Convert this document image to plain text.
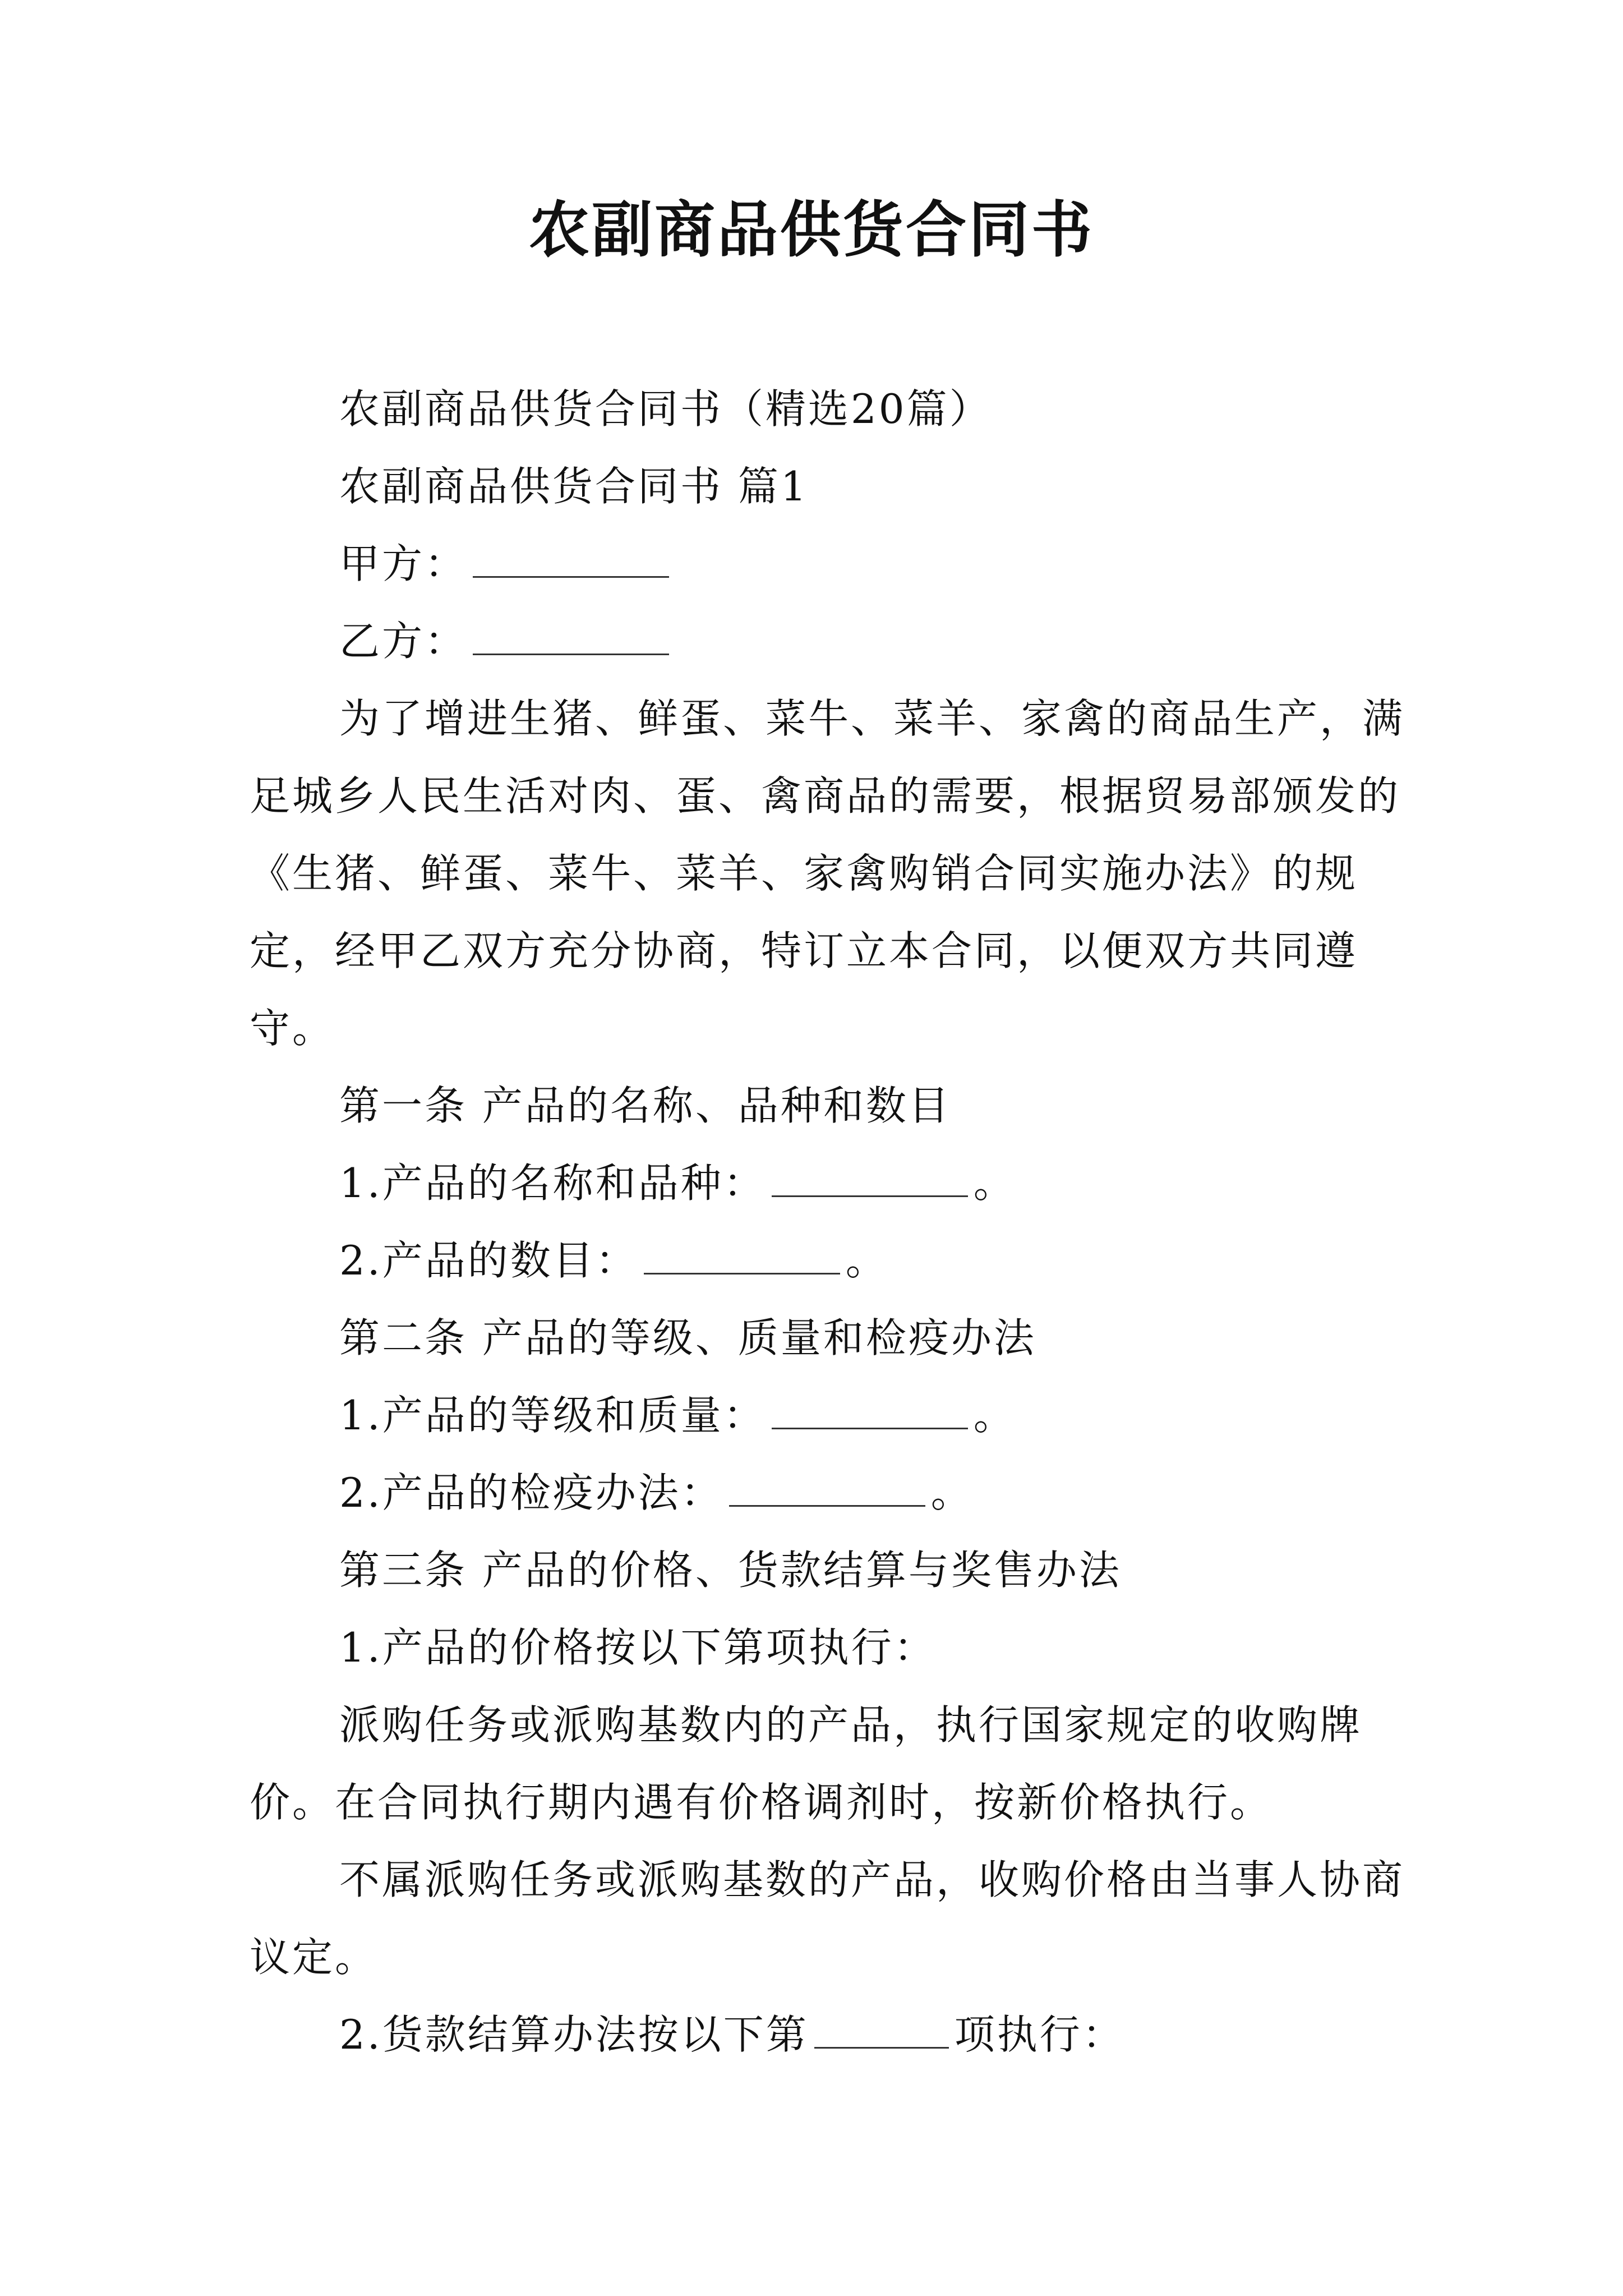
农副商品供货合同书

农副商品供货合同书（精选20篇）

农副商品供货合同书 篇1

甲方：

乙方：

为了增进生猪、鲜蛋、菜牛、菜羊、家禽的商品生产，满足城乡人民生活对肉、蛋、禽商品的需要，根据贸易部颁发的《生猪、鲜蛋、菜牛、菜羊、家禽购销合同实施办法》的规定，经甲乙双方充分协商，特订立本合同，以便双方共同遵守。

第一条 产品的名称、品种和数目

1.产品的名称和品种：	。

2.产品的数目：	。

第二条 产品的等级、质量和检疫办法

1.产品的等级和质量：	。

2.产品的检疫办法：	。

第三条 产品的价格、货款结算与奖售办法

1.产品的价格按以下第项执行：

派购任务或派购基数内的产品，执行国家规定的收购牌价。在合同执行期内遇有价格调剂时，按新价格执行。

不属派购任务或派购基数的产品，收购价格由当事人协商议定。

2.货款结算办法按以下第	项执行：
